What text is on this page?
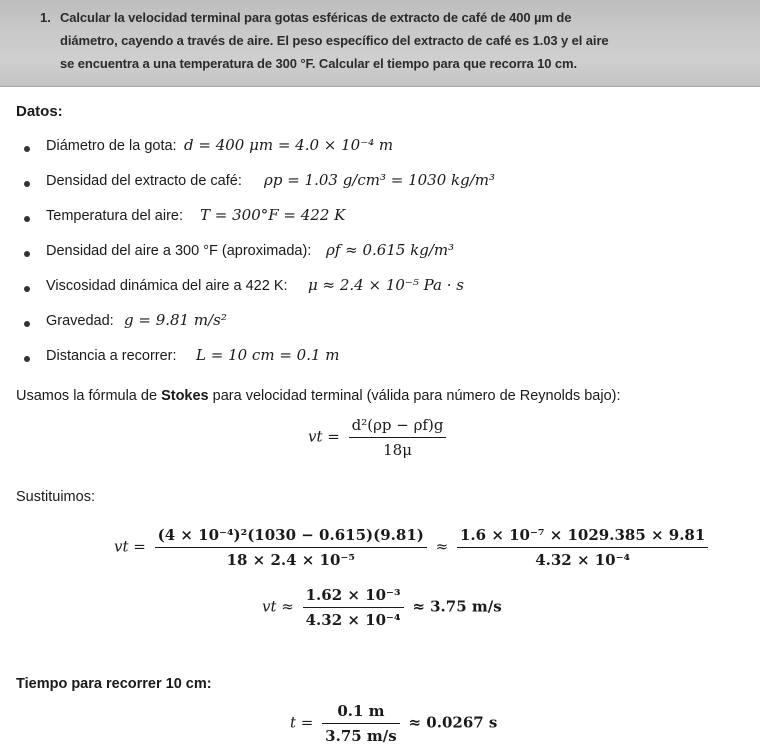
1. Calcular la velocidad terminal para gotas esféricas de extracto de café de 400 µm de
diámetro, cayendo a través de aire. El peso específico del extracto de café es 1.03 y el aire
se encuentra a una temperatura de 300 °F. Calcular el tiempo para que recorra 10 cm.
Datos:
Diámetro de la gota: d = 400 μm = 4.0 × 10⁻⁴ m
Densidad del extracto de café: ρp = 1.03 g/cm³ = 1030 kg/m³
Temperatura del aire: T = 300°F = 422 K
Densidad del aire a 300 °F (aproximada): ρf ≈ 0.615 kg/m³
Viscosidad dinámica del aire a 422 K: μ ≈ 2.4 × 10⁻⁵ Pa · s
Gravedad: g = 9.81 m/s²
Distancia a recorrer: L = 10 cm = 0.1 m
Usamos la fórmula de Stokes para velocidad terminal (válida para número de Reynolds bajo):
vt = $\frac{\text{d²(ρp − ρf)g}}{18\mu}$
Sustituimos:
vt = $\frac{\text{(4 × 10⁻⁴)²(1030 − 0.615)(9.81)}}{\text{18 × 2.4 × 10⁻⁵}} \approx \frac{\text{1.6 × 10⁻⁷ × 1029.385 × 9.81}}{\text{4.32 × 10⁻⁴}}$
vt ≈ $\frac{\text{1.62 × 10⁻³}}{\text{4.32 × 10⁻⁴}} \approx 3.75$ m/s
Tiempo para recorrer 10 cm:
$t = \frac{0.1 m}{3.75 m/s} \approx 0.0267$ s
